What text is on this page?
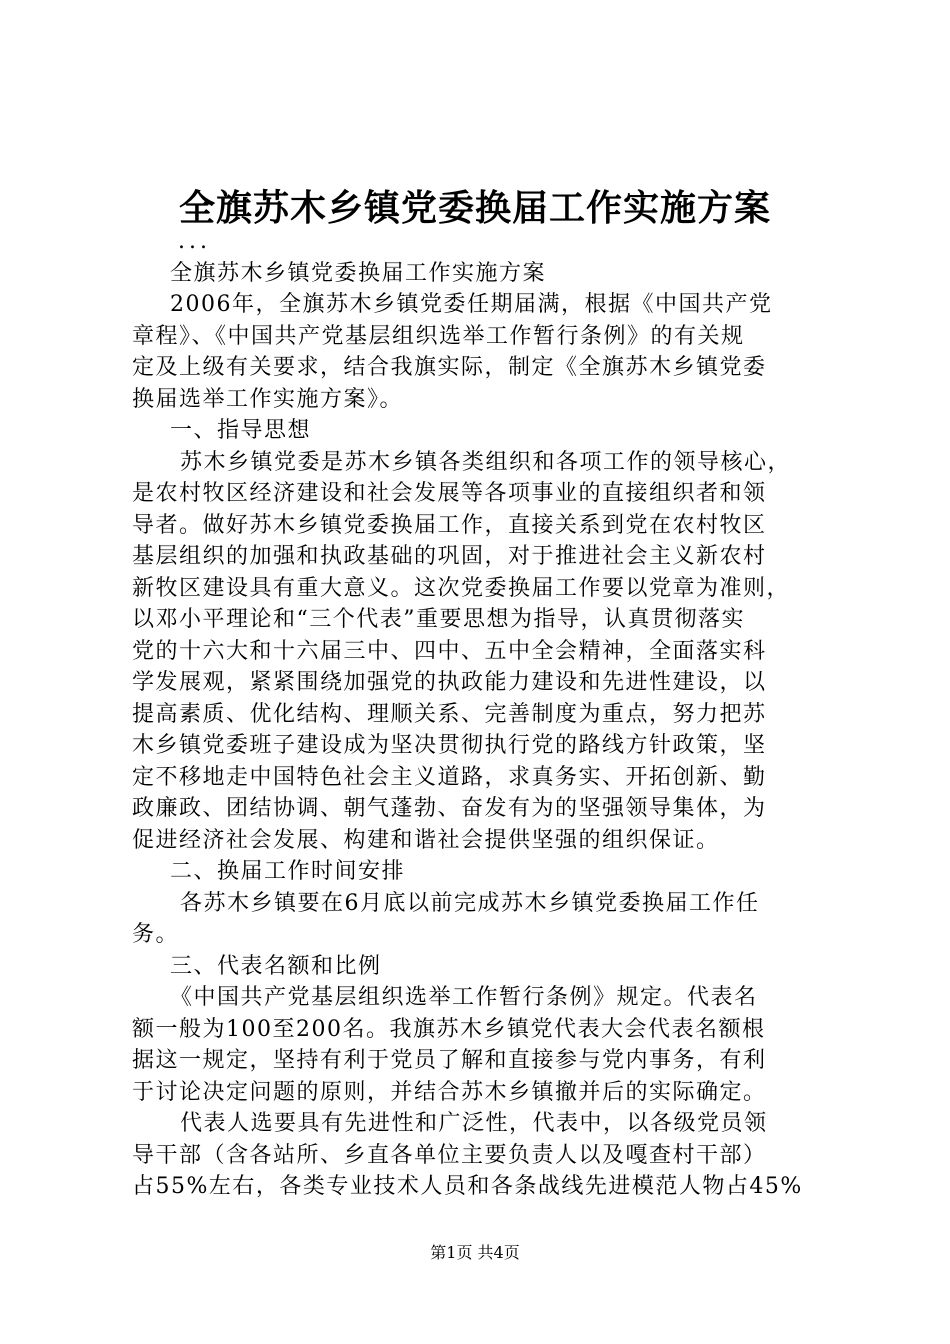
全旗苏木乡镇党委换届工作实施方案
...
全旗苏木乡镇党委换届工作实施方案
2006年，全旗苏木乡镇党委任期届满，根据《中国共产党
章程》、《中国共产党基层组织选举工作暂行条例》的有关规
定及上级有关要求，结合我旗实际，制定《全旗苏木乡镇党委
换届选举工作实施方案》。
一、指导思想
苏木乡镇党委是苏木乡镇各类组织和各项工作的领导核心，
是农村牧区经济建设和社会发展等各项事业的直接组织者和领
导者。做好苏木乡镇党委换届工作，直接关系到党在农村牧区
基层组织的加强和执政基础的巩固，对于推进社会主义新农村
新牧区建设具有重大意义。这次党委换届工作要以党章为准则，
以邓小平理论和“三个代表”重要思想为指导，认真贯彻落实
党的十六大和十六届三中、四中、五中全会精神，全面落实科
学发展观，紧紧围绕加强党的执政能力建设和先进性建设，以
提高素质、优化结构、理顺关系、完善制度为重点，努力把苏
木乡镇党委班子建设成为坚决贯彻执行党的路线方针政策，坚
定不移地走中国特色社会主义道路，求真务实、开拓创新、勤
政廉政、团结协调、朝气蓬勃、奋发有为的坚强领导集体，为
促进经济社会发展、构建和谐社会提供坚强的组织保证。
二、换届工作时间安排
各苏木乡镇要在6月底以前完成苏木乡镇党委换届工作任
务。
三、代表名额和比例
《中国共产党基层组织选举工作暂行条例》规定。代表名
额一般为100至200名。我旗苏木乡镇党代表大会代表名额根
据这一规定，坚持有利于党员了解和直接参与党内事务，有利
于讨论决定问题的原则，并结合苏木乡镇撤并后的实际确定。
代表人选要具有先进性和广泛性，代表中，以各级党员领
导干部（含各站所、乡直各单位主要负责人以及嘎查村干部）
占55%左右，各类专业技术人员和各条战线先进模范人物占45%
第1页 共4页
